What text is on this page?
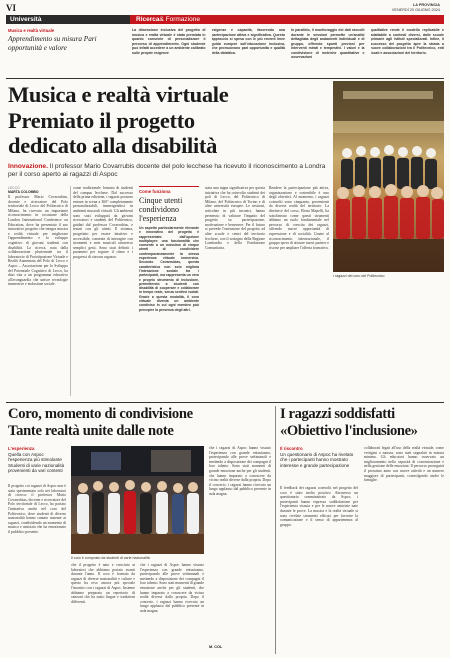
VI	LA PROVINCIA
VENERDÌ 20 GIUGNO 2024
Università	Ricerca& Formazione
Musica e realtà virtuale
Apprendimento su misura Pari opportunità e valore
La dimensione inclusiva del progetto di musica e realtà virtuale è stata premiata in quanto consente di personalizzare il percorso di apprendimento. Ogni studente può infatti accedere a un ambiente calibrato sulle proprie esigenze
esigenze e capacità, favorendo una partecipazione attiva e significativa. Questo approccio si spesa con le più recenti linee guida europee sull'educazione inclusiva, che promuovono pari opportunità e qualità della didattica.
In parallelo, il monitoraggio dei dati raccolti durante le sessioni permette un'analisi dettagliata degli andamenti individuali e di gruppo, offrendo spunti preziosi per interventi mirati e tempestivi. I valori e la condivisione di metriche quantitative e osservazioni
qualitative rende il modello replicabile e adattabile a contesti diversi, dalle scuole primarie agli istituti specializzati. Infine, il successo del progetto apre la strada a nuove collaborazioni tra il Politecnico, enti locali e associazioni del territorio.
Musica e realtà virtuale
Premiato il progetto
dedicato alla disabilità
I ragazzi del coro del Politecnico
Innovazione. Il professor Mario Covarrubis docente del polo lecchese ha ricevuto il riconoscimento a Londra per il corso aperto ai ragazzi di Aspoc
LECCO
MARTA COLOMBO
Il professor Mario Covarrubias, docente e ricercatore del Polo territoriale di Lecco del Politecnico di Milano, ha ricevuto un importante riconoscimento in occasione della London International Conference on Education, dove ha presentato il suo innovativo progetto che integra musica e realtà virtuale per migliorare l'apprendimento e lo sviluppo cognitivo di giovani studenti con disabilità. La ricerca, nata dalla collaborazione pluriennale tra il laboratorio di Prototipazione Virtuale e Realtà Aumentata del Polo di Lecco e Aspoc – Associazione per lo Sviluppo del Potenziale Cognitivo di Lecco, ha dato vita a un programma educativo all'avanguardia che unisce tecnologie immersive e inclusione sociale.
come tradizionale formato di studenti del campus lecchese. Dal successo della prima edizione, i ragazzi possono entrare in scena a 360° completamente personalizzabili, immergendosi in ambienti musicali virtuali. Gli ambienti sono stati sviluppati da giovani ricercatori e studenti del Politecnico, guidati dal professor Covarrubias, e testati con gli utenti. Il sistema, progettato per essere intuitivo e accessibile, consente di interagire con strumenti e note musicali attraverso semplici gesti. Sono stati definiti i parametri per seguire il ritmo e i progressi di ciascun ragazzo.
Come funziona
Cinque utenti condividono l'esperienza
Un aspetto particolarmente rilevante e innovativo del progetto è rappresentato dall'opzione multiplayer: una funzionalità che consente a un massimo di cinque utenti di condividere contemporaneamente la stessa esperienza virtuale immersiva. Secondo Covarrubias, questa caratteristica non solo migliora l'interazione sociale tra i partecipanti, ma rappresenta un vero e proprio strumento di inclusione, permettendo a studenti con disabilità di cooperare e collaborare in tempo reale, senza sentirsi isolati. Grazie a questa modalità, il coro virtuale diventa un ambiente condiviso in cui ogni membro può percepire la presenza degli altri.
stata una tappa significativa per questa iniziativa che ha coinvolto studenti dei poli di Lecco, del Politecnico di Milano, del Politecnico di Torino e di altre università europee. Le sessioni, articolate in più incontri, hanno permesso di valutare l'impatto del progetto su partecipazione, motivazione e benessere. Per il futuro si prevede l'estensione del progetto ad altre scuole e centri del territorio lecchese, con il sostegno della Regione Lombardia e della Fondazione Comunitaria.
Rendere la partecipazione più attiva, organizzazione e sostenibile è uno degli obiettivi. Al momento, i ragazzi coinvolti sono cinquanta, provenienti da diverse realtà del territorio. La direttrice del corso, Elena Mapelli, ha sottolineato come questi strumenti abbiano un ruolo fondamentale nel percorso di crescita dei ragazzi, offrendo nuove opportunità di espressione e di socialità. Grazie al riconoscimento internazionale, il gruppo spera di attrarre nuovi partner e risorse per ampliare l'offerta formativa.
Coro, momento di condivisione
Tante realtà unite dalle note
L'esperienza
Quella con Aspoc l'esperienza più stimolante Studenti di varie nazionalità provenienti da vari contesti
Il progetto coi ragazzi di Aspoc non è stato sperimentato solo nei laboratori di ricerca: il professor Mario Covarrubias, docente e ricercatore del Polo territoriale di Lecco, ha portato l'iniziativa anche nel coro del Politecnico, dove studenti di diverse nazionalità hanno cantato insieme ai ragazzi, condividendo un momento di musica e amicizia che ha emozionato il pubblico presente.
Il coro è composto da studenti di varie nazionalità
che il progetto è nato e cresciuto ai laboratori che abbiamo portato avanti durante l'anno. Il coro è formato da ragazzi di diverse nazionalità e culture e questo ha reso ancora più speciale l'incontro con i ragazzi di Aspoc. Insieme abbiamo preparato un repertorio di canzoni che ha unito lingue e tradizioni differenti.
che i ragazzi di Aspoc hanno vissuto l'esperienza con grande entusiasmo, partecipando alle prove settimanali e mettendo a disposizione dei compagni il loro talento. Sono stati momenti di grande emozione anche per gli studenti, che hanno imparato a conoscere da vicino realtà diverse dalla propria. Dopo il concerto, i ragazzi hanno ricevuto un lungo applauso dal pubblico presente in aula magna.
che i ragazzi di Aspoc hanno vissuto l'esperienza con grande entusiasmo, partecipando alle prove settimanali e mettendo a disposizione dei compagni il loro talento. Sono stati momenti di grande emozione anche per gli studenti, che hanno imparato a conoscere da vicino realtà diverse dalla propria. Dopo il concerto, i ragazzi hanno ricevuto un lungo applauso dal pubblico presente in aula magna.
M. COL
I ragazzi soddisfatti
«Obiettivo l'inclusione»
Il riscontro
Un questionario di Aspoc ha rivelato che i partecipanti hanno mostrato interesse e grande partecipazione
Il feedback dei ragazzi coinvolti nel progetto del coro è stato molto positivo. Attraverso un questionario somministrato da Aspoc, i partecipanti hanno espresso soddisfazione per l'esperienza vissuta e per le nuove amicizie nate durante le prove. La musica e la realtà virtuale si sono rivelate strumenti efficaci per favorire la comunicazione e il senso di appartenenza al gruppo.
collaborati legati all'uso della realtà virtuale, come vertigini o nausea, sono stati segnalati in misura minima. Gli educatori hanno osservato un miglioramento nella capacità di concentrazione e nella gestione delle emozioni. Il percorso proseguirà il prossimo anno con nuove attività e un numero maggiore di partecipanti, coinvolgendo anche le famiglie.
